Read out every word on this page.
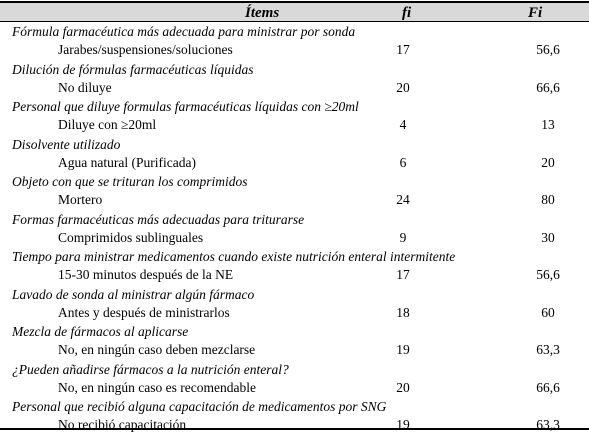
Ítems	fi	Fi
Fórmula farmacéutica más adecuada para ministrar por sonda
Jarabes/suspensiones/soluciones	17	56,6
Dilución de fórmulas farmacéuticas líquidas
No diluye	20	66,6
Personal que diluye formulas farmacéuticas líquidas con ≥20ml
Diluye con ≥20ml	4	13
Disolvente utilizado
Agua natural (Purificada)	6	20
Objeto con que se trituran los comprimidos
Mortero	24	80
Formas farmacéuticas más adecuadas para triturarse
Comprimidos sublinguales	9	30
Tiempo para ministrar medicamentos cuando existe nutrición enteral intermitente
15-30 minutos después de la NE	17	56,6
Lavado de sonda al ministrar algún fármaco
Antes y después de ministrarlos	18	60
Mezcla de fármacos al aplicarse
No, en ningún caso deben mezclarse	19	63,3
¿Pueden añadirse fármacos a la nutrición enteral?
No, en ningún caso es recomendable	20	66,6
Personal que recibió alguna capacitación de medicamentos por SNG
No recibió capacitación	19	63,3
